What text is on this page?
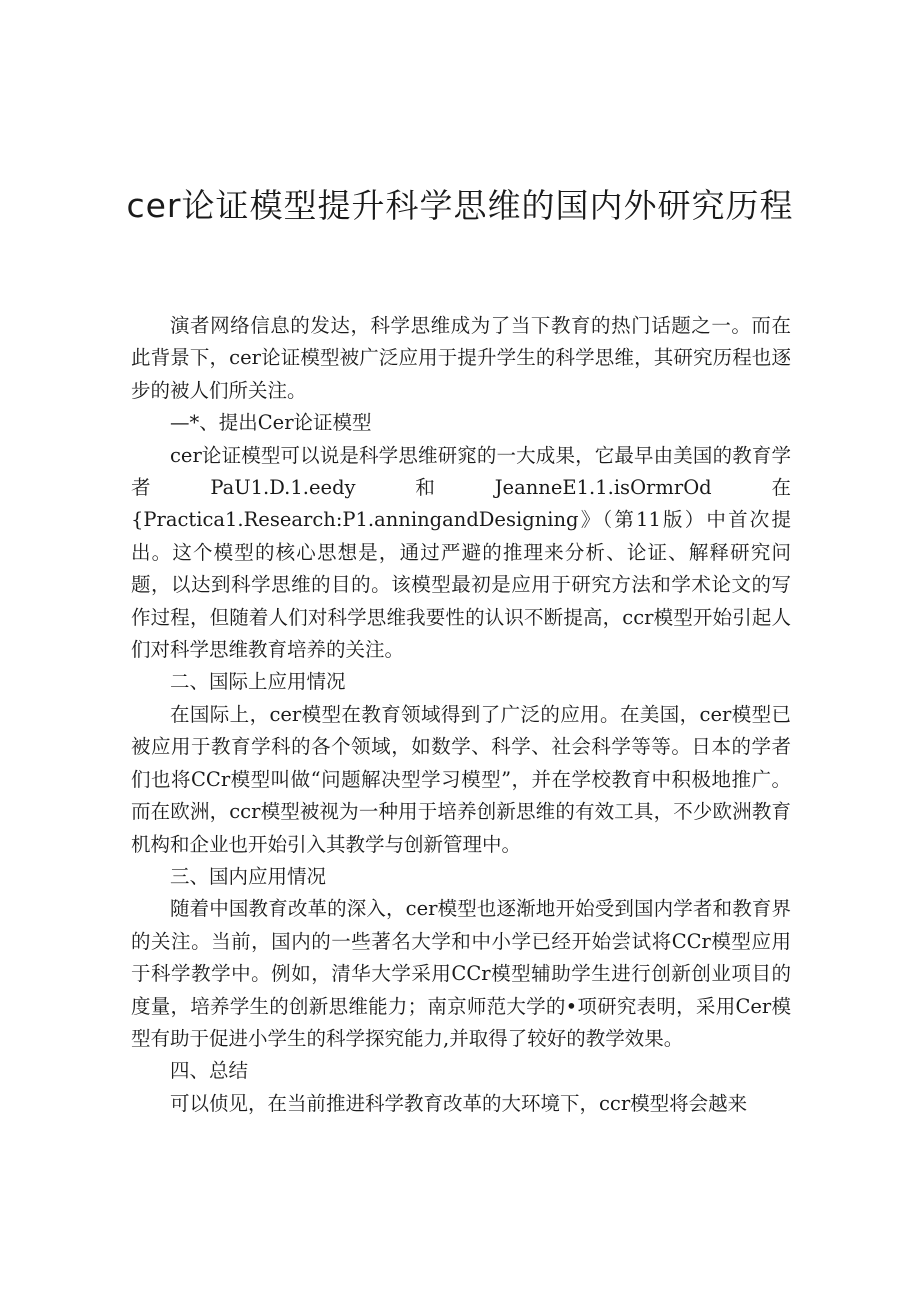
cer论证模型提升科学思维的国内外研究历程

演者网络信息的发达，科学思维成为了当下教育的热门话题之一。而在此背景下，cer论证模型被广泛应用于提升学生的科学思维，其研究历程也逐步的被人们所关注。

—*、提出Cer论证模型

cer论证模型可以说是科学思维研窕的一大成果，它最早由美国的教育学者PaU1.D.1.eedy和JeanneE1.1.isOrmrOd在{Practica1.Research:P1.anningandDesigning》（第11版）中首次提出。这个模型的核心思想是，通过严避的推理来分析、论证、解释研究问题，以达到科学思维的目的。该模型最初是应用于研究方法和学术论文的写作过程，但随着人们对科学思维我要性的认识不断提高，ccr模型开始引起人们对科学思维教育培养的关注。

二、国际上应用情况

在国际上，cer模型在教育领域得到了广泛的应用。在美国，cer模型已被应用于教育学科的各个领域，如数学、科学、社会科学等等。日本的学者们也将CCr模型叫做“问题解决型学习模型”，并在学校教育中积极地推广。而在欧洲，ccr模型被视为一种用于培养创新思维的有效工具，不少欧洲教育机构和企业也开始引入其教学与创新管理中。

三、国内应用情况

随着中国教育改革的深入，cer模型也逐渐地开始受到国内学者和教育界的关注。当前，国内的一些著名大学和中小学已经开始尝试将CCr模型应用于科学教学中。例如，清华大学采用CCr模型辅助学生进行创新创业项目的度量，培养学生的创新思维能力；南京师范大学的•项研究表明，采用Cer模型有助于促进小学生的科学探究能力,并取得了较好的教学效果。

四、总结

可以侦见，在当前推进科学教育改革的大环境下，ccr模型将会越来
